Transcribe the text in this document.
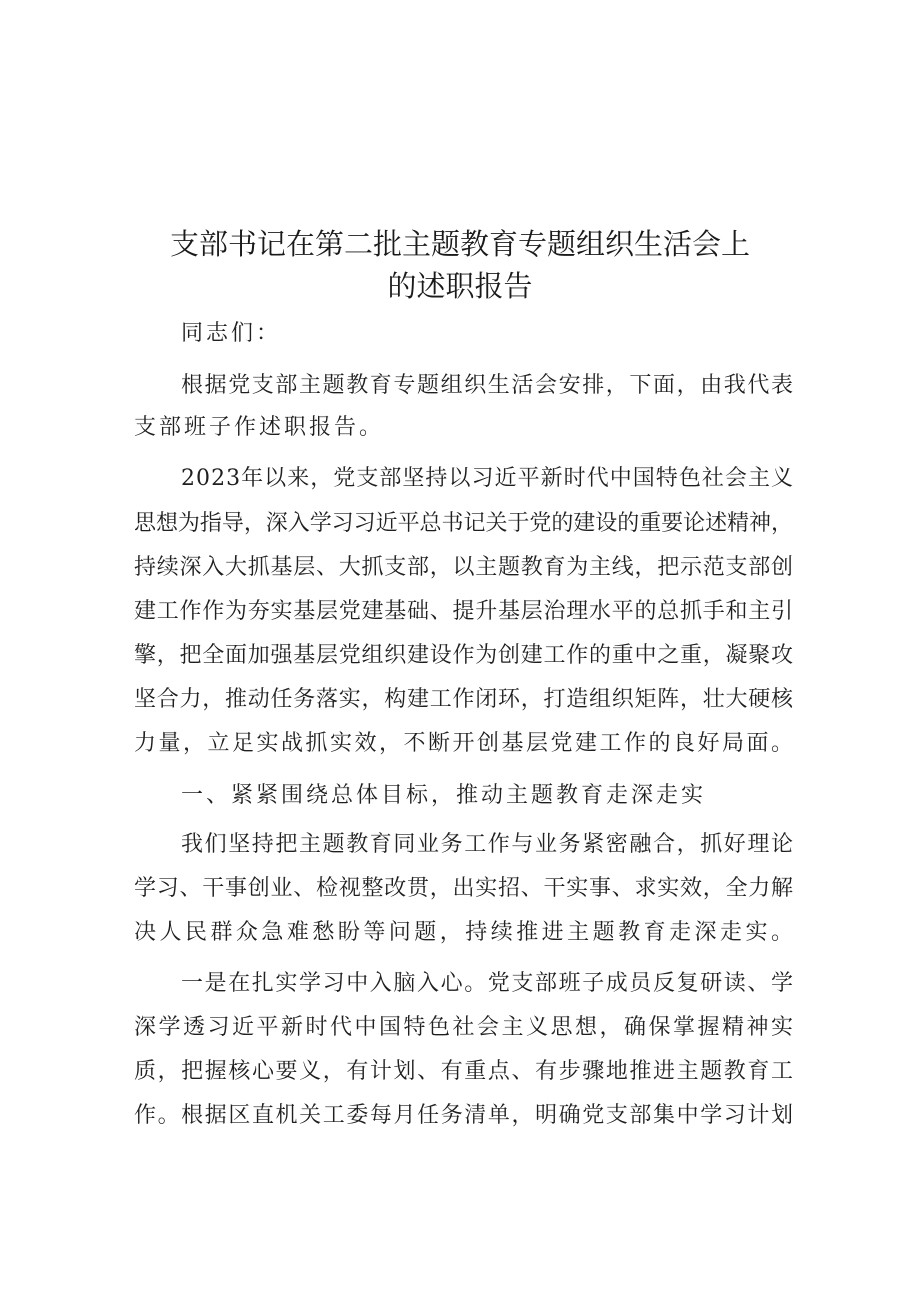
支部书记在第二批主题教育专题组织生活会上
的述职报告

同志们：

根据党支部主题教育专题组织生活会安排，下面，由我代表

支部班子作述职报告。

2023年以来，党支部坚持以习近平新时代中国特色社会主义

思想为指导，深入学习习近平总书记关于党的建设的重要论述精神，

持续深入大抓基层、大抓支部，以主题教育为主线，把示范支部创

建工作作为夯实基层党建基础、提升基层治理水平的总抓手和主引

擎，把全面加强基层党组织建设作为创建工作的重中之重，凝聚攻

坚合力，推动任务落实，构建工作闭环，打造组织矩阵，壮大硬核

力量，立足实战抓实效，不断开创基层党建工作的良好局面。

一、紧紧围绕总体目标，推动主题教育走深走实

我们坚持把主题教育同业务工作与业务紧密融合，抓好理论

学习、干事创业、检视整改贯，出实招、干实事、求实效，全力解

决人民群众急难愁盼等问题，持续推进主题教育走深走实。

一是在扎实学习中入脑入心。党支部班子成员反复研读、学

深学透习近平新时代中国特色社会主义思想，确保掌握精神实

质，把握核心要义，有计划、有重点、有步骤地推进主题教育工

作。根据区直机关工委每月任务清单，明确党支部集中学习计划
